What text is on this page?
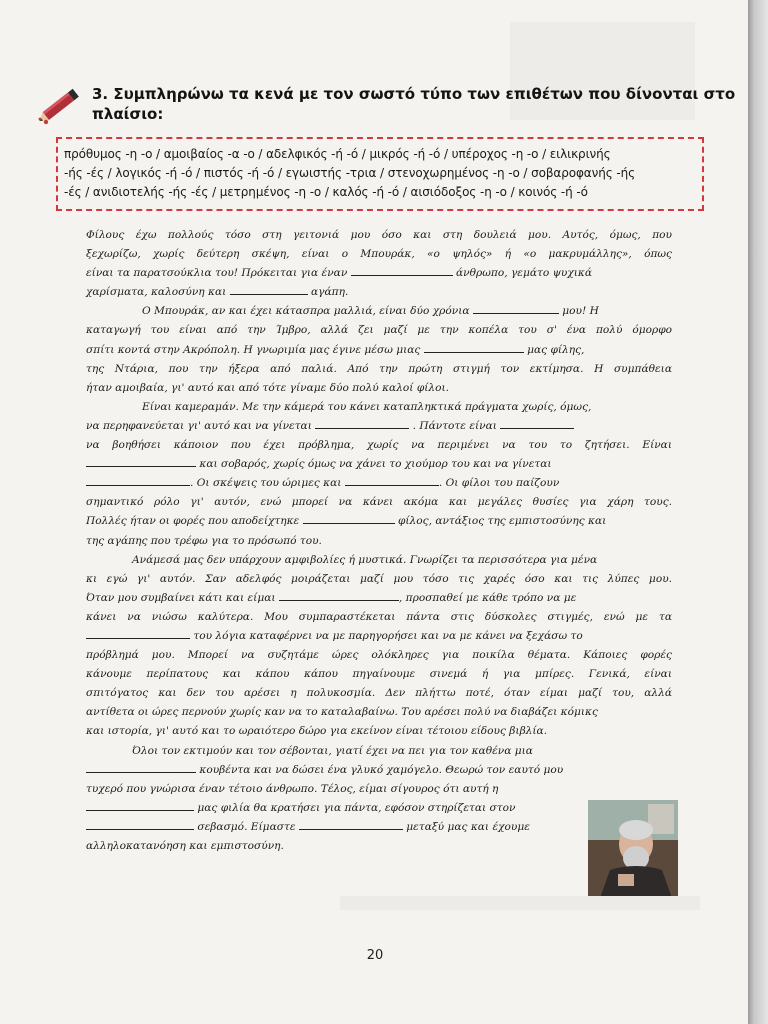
3. Συμπληρώνω τα κενά με τον σωστό τύπο των επιθέτων που δίνονται στο
πλαίσιο:
πρόθυμος -η -ο / αμοιβαίος -α -ο / αδελφικός -ή -ό / μικρός -ή -ό / υπέροχος -η -ο / ειλικρινής
-ής -ές / λογικός -ή -ό / πιστός -ή -ό / εγωιστής -τρια / στενοχωρημένος -η -ο / σοβαροφανής -ής
-ές / ανιδιοτελής -ής -ές / μετρημένος -η -ο / καλός -ή -ό / αισιόδοξος -η -ο / κοινός -ή -ό
Φίλους έχω πολλούς τόσο στη γειτονιά μου όσο και στη δουλειά μου. Αυτός, όμως, που
ξεχωρίζω, χωρίς δεύτερη σκέψη, είναι ο Μπουράκ, «ο ψηλός» ή «ο μακρυμάλλης», όπως
είναι τα παρατσούκλια του! Πρόκειται για έναν	άνθρωπο, γεμάτο ψυχικά
χαρίσματα, καλοσύνη και	αγάπη.
Ο Μπουράκ, αν και έχει κάτασπρα μαλλιά, είναι δύο χρόνια	μου! Η
καταγωγή του είναι από την Ίμβρο, αλλά ζει μαζί με την κοπέλα του σ' ένα πολύ όμορφο
σπίτι κοντά στην Ακρόπολη. Η γνωριμία μας έγινε μέσω μιας	μας φίλης,
της Ντάρια, που την ήξερα από παλιά. Από την πρώτη στιγμή τον εκτίμησα. Η συμπάθεια
ήταν αμοιβαία, γι' αυτό και από τότε γίναμε δύο πολύ καλοί φίλοι.
Είναι καμεραμάν. Με την κάμερά του κάνει καταπληκτικά πράγματα χωρίς, όμως,
να περηφανεύεται γι' αυτό και να γίνεται	. Πάντοτε είναι
να βοηθήσει κάποιον που έχει πρόβλημα, χωρίς να περιμένει να του το ζητήσει. Είναι
και σοβαρός, χωρίς όμως να χάνει το χιούμορ του και να γίνεται
. Οι σκέψεις του ώριμες και	. Οι φίλοι του παίζουν
σημαντικό ρόλο γι' αυτόν, ενώ μπορεί να κάνει ακόμα και μεγάλες θυσίες για χάρη τους.
Πολλές ήταν οι φορές που αποδείχτηκε	φίλος, αντάξιος της εμπιστοσύνης και
της αγάπης που τρέφω για το πρόσωπό του.
Ανάμεσά μας δεν υπάρχουν αμφιβολίες ή μυστικά. Γνωρίζει τα περισσότερα για μένα
κι εγώ γι' αυτόν. Σαν αδελφός μοιράζεται μαζί μου τόσο τις χαρές όσο και τις λύπες μου.
Όταν μου συμβαίνει κάτι και είμαι	, προσπαθεί με κάθε τρόπο να με
κάνει να νιώσω καλύτερα. Μου συμπαραστέκεται πάντα στις δύσκολες στιγμές, ενώ με τα
του λόγια καταφέρνει να με παρηγορήσει και να με κάνει να ξεχάσω το
πρόβλημά μου. Μπορεί να συζητάμε ώρες ολόκληρες για ποικίλα θέματα. Κάποιες φορές
κάνουμε περίπατους και κάπου κάπου πηγαίνουμε σινεμά ή για μπίρες. Γενικά, είναι
σπιτόγατος και δεν του αρέσει η πολυκοσμία. Δεν πλήττω ποτέ, όταν είμαι μαζί του, αλλά
αντίθετα οι ώρες περνούν χωρίς καν να το καταλαβαίνω. Του αρέσει πολύ να διαβάζει κόμικς
και ιστορία, γι' αυτό και το ωραιότερο δώρο για εκείνον είναι τέτοιου είδους βιβλία.
Όλοι τον εκτιμούν και τον σέβονται, γιατί έχει να πει για τον καθένα μια
κουβέντα και να δώσει ένα γλυκό χαμόγελο. Θεωρώ τον εαυτό μου
τυχερό που γνώρισα έναν τέτοιο άνθρωπο. Τέλος, είμαι σίγουρος ότι αυτή η
μας φιλία θα κρατήσει για πάντα, εφόσον στηρίζεται στον
σεβασμό. Είμαστε	μεταξύ μας και έχουμε
αλληλοκατανόηση και εμπιστοσύνη.
20
